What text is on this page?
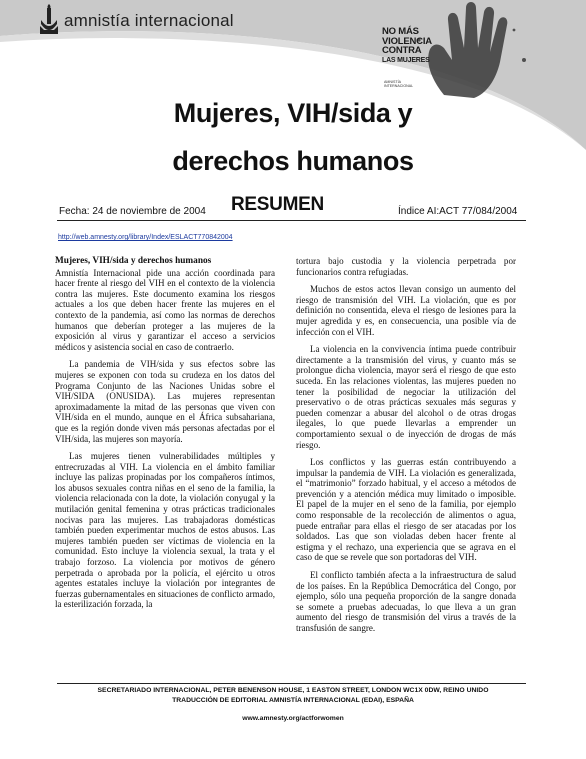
amnistía internacional
NO MÁS
VIOLENCIA
CONTRA
LAS MUJERES
AMNISTÍA
INTERNACIONAL
Mujeres, VIH/sida y
derechos humanos
Fecha: 24 de noviembre de 2004 RESUMEN	Índice AI:ACT 77/084/2004
http://web.amnesty.org/library/Index/ESLACT770842004
Mujeres, VIH/sida y derechos humanos

Amnistía Internacional pide una acción coordinada para hacer frente al riesgo del VIH en el contexto de la violencia contra las mujeres. Este documento examina los riesgos actuales a los que deben hacer frente las mujeres en el contexto de la pandemia, así como las normas de derechos humanos que deberían proteger a las mujeres de la exposición al virus y garantizar el acceso a servicios médicos y asistencia social en caso de contraerlo.

La pandemia de VIH/sida y sus efectos sobre las mujeres se exponen con toda su crudeza en los datos del Programa Conjunto de las Naciones Unidas sobre el VIH/SIDA (ONUSIDA). Las mujeres representan aproximadamente la mitad de las personas que viven con VIH/sida en el mundo, aunque en el África subsahariana, que es la región donde viven más personas afectadas por el VIH/sida, las mujeres son mayoría.

Las mujeres tienen vulnerabilidades múltiples y entrecruzadas al VIH. La violencia en el ámbito familiar incluye las palizas propinadas por los compañeros íntimos, los abusos sexuales contra niñas en el seno de la familia, la violencia relacionada con la dote, la violación conyugal y la mutilación genital femenina y otras prácticas tradicionales nocivas para las mujeres. Las trabajadoras domésticas también pueden experimentar muchos de estos abusos. Las mujeres también pueden ser víctimas de violencia en la comunidad. Esto incluye la violencia sexual, la trata y el trabajo forzoso. La violencia por motivos de género perpetrada o aprobada por la policía, el ejército u otros agentes estatales incluye la violación por integrantes de fuerzas gubernamentales en situaciones de conflicto armado, la esterilización forzada, la

tortura bajo custodia y la violencia perpetrada por funcionarios contra refugiadas.

Muchos de estos actos llevan consigo un aumento del riesgo de transmisión del VIH. La violación, que es por definición no consentida, eleva el riesgo de lesiones para la mujer agredida y es, en consecuencia, una posible vía de infección con el VIH.

La violencia en la convivencia íntima puede contribuir directamente a la transmisión del virus, y cuanto más se prolongue dicha violencia, mayor será el riesgo de que esto suceda. En las relaciones violentas, las mujeres pueden no tener la posibilidad de negociar la utilización del preservativo o de otras prácticas sexuales más seguras y pueden comenzar a abusar del alcohol o de otras drogas ilegales, lo que puede llevarlas a emprender un comportamiento sexual o de inyección de drogas de más riesgo.

Los conflictos y las guerras están contribuyendo a impulsar la pandemia de VIH. La violación es generalizada, el “matrimonio” forzado habitual, y el acceso a métodos de prevención y a atención médica muy limitado o imposible. El papel de la mujer en el seno de la familia, por ejemplo como responsable de la recolección de alimentos o agua, puede entrañar para ellas el riesgo de ser atacadas por los soldados. Las que son violadas deben hacer frente al estigma y el rechazo, una experiencia que se agrava en el caso de que se revele que son portadoras del VIH.

El conflicto también afecta a la infraestructura de salud de los países. En la República Democrática del Congo, por ejemplo, sólo una pequeña proporción de la sangre donada se somete a pruebas adecuadas, lo que lleva a un gran aumento del riesgo de transmisión del virus a través de la transfusión de sangre.

SECRETARIADO INTERNACIONAL, PETER BENENSON HOUSE, 1 EASTON STREET, LONDON WC1X 0DW, REINO UNIDO
TRADUCCIÓN DE EDITORIAL AMNISTÍA INTERNACIONAL (EDAI), ESPAÑA
www.amnesty.org/actforwomen
